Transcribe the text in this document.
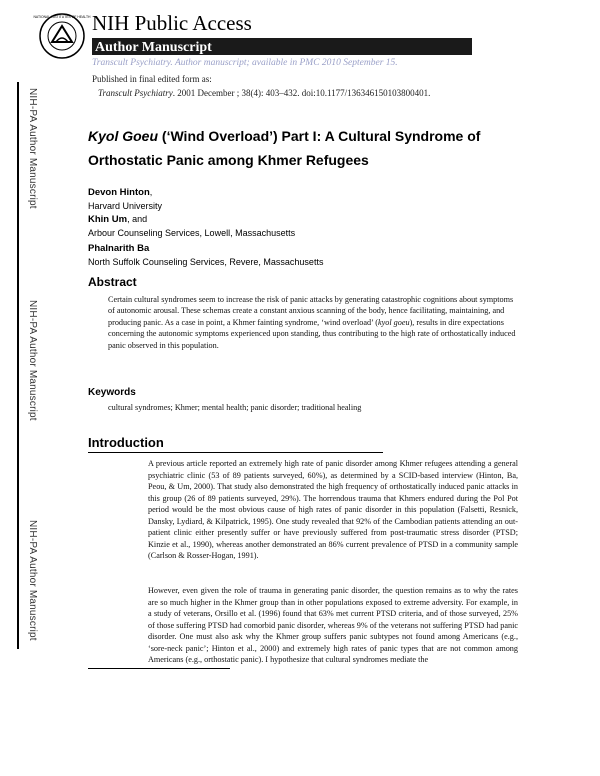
NATIONAL INSTITUTES OF HEALTH NIH Public Access
Author Manuscript
Transcult Psychiatry. Author manuscript; available in PMC 2010 September 15.
Published in final edited form as:
Transcult Psychiatry. 2001 December ; 38(4): 403–432. doi:10.1177/136346150103800401.
NIH-PA Author Manuscript
NIH-PA Author Manuscript
NIH-PA Author Manuscript
Kyol Goeu (‘Wind Overload’) Part I: A Cultural Syndrome of Orthostatic Panic among Khmer Refugees
Devon Hinton,
Harvard University
Khin Um, and
Arbour Counseling Services, Lowell, Massachusetts
Phalnarith Ba
North Suffolk Counseling Services, Revere, Massachusetts
Abstract
Certain cultural syndromes seem to increase the risk of panic attacks by generating catastrophic cognitions about symptoms of autonomic arousal. These schemas create a constant anxious scanning of the body, hence facilitating, maintaining, and producing panic. As a case in point, a Khmer fainting syndrome, ‘wind overload’ (kyol goeu), results in dire expectations concerning the autonomic symptoms experienced upon standing, thus contributing to the high rate of orthostatically induced panic observed in this population.
Keywords
cultural syndromes; Khmer; mental health; panic disorder; traditional healing
Introduction
A previous article reported an extremely high rate of panic disorder among Khmer refugees attending a general psychiatric clinic (53 of 89 patients surveyed, 60%), as determined by a SCID-based interview (Hinton, Ba, Peou, & Um, 2000). That study also demonstrated the high frequency of orthostatically induced panic attacks in this group (26 of 89 patients surveyed, 29%). The horrendous trauma that Khmers endured during the Pol Pot period would be the most obvious cause of high rates of panic disorder in this population (Falsetti, Resnick, Dansky, Lydiard, & Kilpatrick, 1995). One study revealed that 92% of the Cambodian patients attending an out-patient clinic either presently suffer or have previously suffered from post-traumatic stress disorder (PTSD; Kinzie et al., 1990), whereas another demonstrated an 86% current prevalence of PTSD in a community sample (Carlson & Rosser-Hogan, 1991).
However, even given the role of trauma in generating panic disorder, the question remains as to why the rates are so much higher in the Khmer group than in other populations exposed to extreme adversity. For example, in a study of veterans, Orsillo et al. (1996) found that 63% met current PTSD criteria, and of those surveyed, 25% of those suffering PTSD had comorbid panic disorder, whereas 9% of the veterans not suffering PTSD had panic disorder. One must also ask why the Khmer group suffers panic subtypes not found among Americans (e.g., ‘sore-neck panic’; Hinton et al., 2000) and extremely high rates of panic types that are not common among Americans (e.g., orthostatic panic). I hypothesize that cultural syndromes mediate the
